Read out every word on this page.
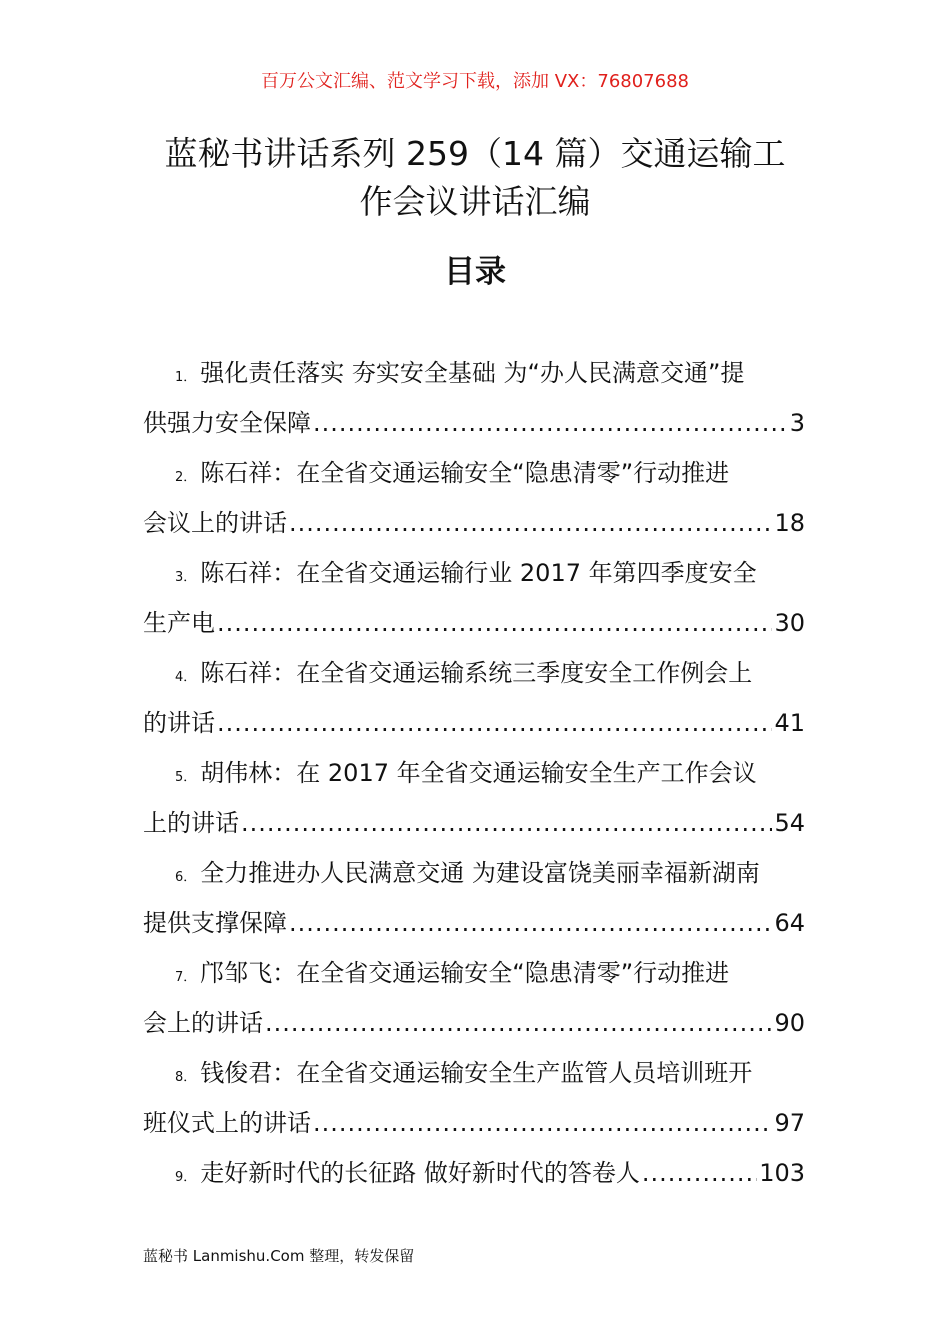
百万公文汇编、范文学习下载，添加 VX：76807688
蓝秘书讲话系列 259（14 篇）交通运输工
作会议讲话汇编
目录
1． 强化责任落实 夯实安全基础 为“办人民满意交通”提
供强力安全保障 .....	3
2． 陈石祥：在全省交通运输安全“隐患清零”行动推进
会议上的讲话 .....	18
3． 陈石祥：在全省交通运输行业 2017 年第四季度安全
生产电 .....	30
4． 陈石祥：在全省交通运输系统三季度安全工作例会上
的讲话 .....	41
5． 胡伟林：在 2017 年全省交通运输安全生产工作会议
上的讲话 .....	54
6． 全力推进办人民满意交通 为建设富饶美丽幸福新湖南
提供支撑保障 .....	64
7． 邝邹飞：在全省交通运输安全“隐患清零”行动推进
会上的讲话 .....	90
8． 钱俊君：在全省交通运输安全生产监管人员培训班开
班仪式上的讲话 .....	97
9． 走好新时代的长征路 做好新时代的答卷人 .....	103
蓝秘书 Lanmishu.Com 整理，转发保留
